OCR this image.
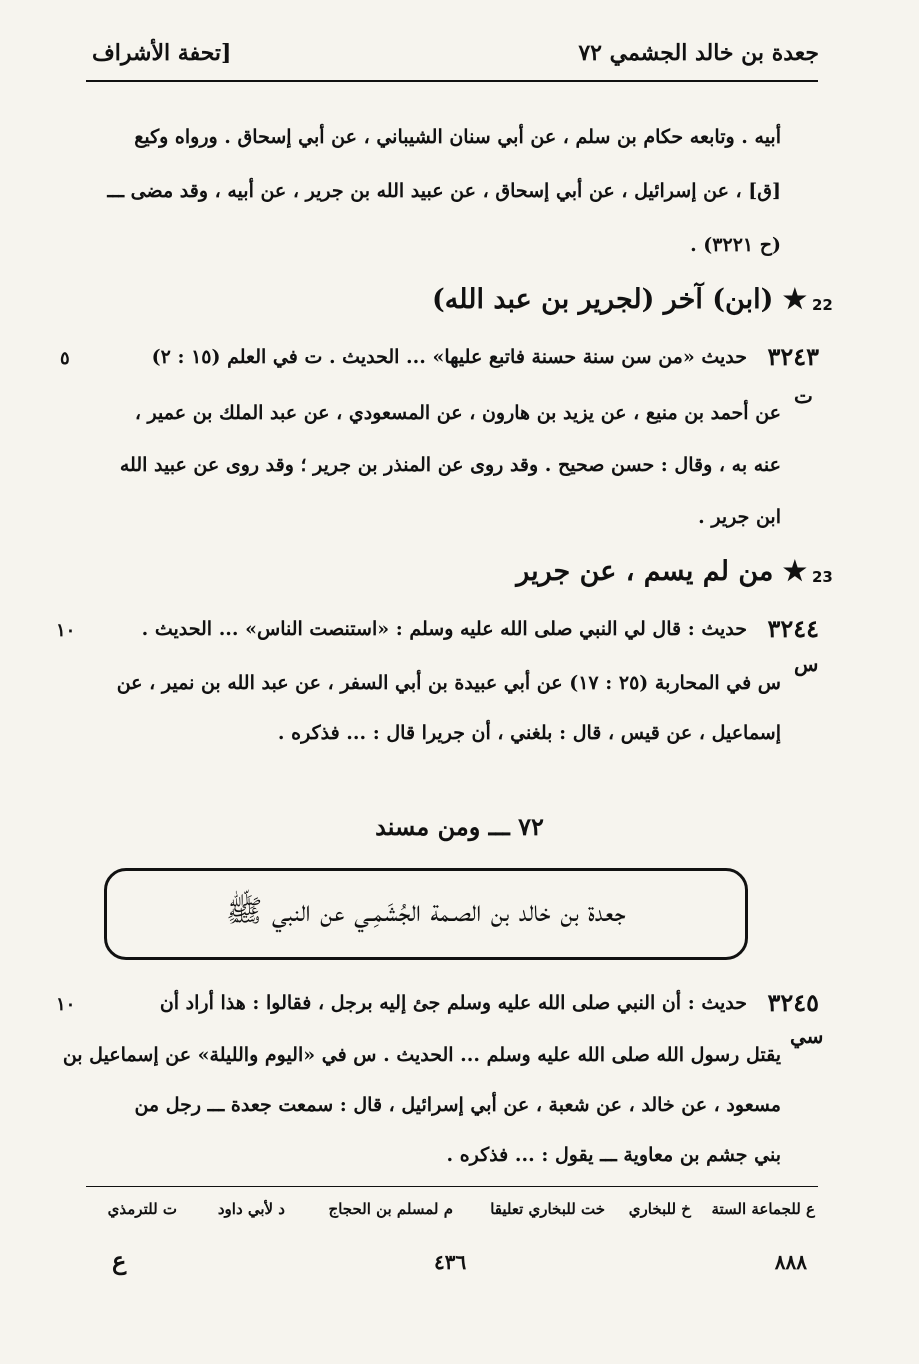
جعدة بن خالد الجشمي ٧٢
[تحفة الأشراف
أبيه . وتابعه حكام بن سلم ، عن أبي سنان الشيباني ، عن أبي إسحاق . ورواه وكيع
[ق] ، عن إسرائيل ، عن أبي إسحاق ، عن عبيد الله بن جرير ، عن أبيه ، وقد مضى ـــ
(ح ٣٢٢١) .
22
★ (ابن) آخر (لجرير بن عبد الله)
٣٢٤٣
حديث «من سن سنة حسنة فاتبع عليها» ... الحديث . ت في العلم (١٥ : ٢)
٥
ت
عن أحمد بن منيع ، عن يزيد بن هارون ، عن المسعودي ، عن عبد الملك بن عمير ،
عنه به ، وقال : حسن صحيح . وقد روى عن المنذر بن جرير ؛ وقد روى عن عبيد الله
ابن جرير .
23
★ من لم يسم ، عن جرير
٣٢٤٤
حديث : قال لي النبي صلى الله عليه وسلم : «استنصت الناس» ... الحديث .
١٠
س
س في المحاربة (٢٥ : ١٧) عن أبي عبيدة بن أبي السفر ، عن عبد الله بن نمير ، عن
إسماعيل ، عن قيس ، قال : بلغني ، أن جريرا قال : ... فذكره .
٧٢ ـــ ومن مسند
جعدة بن خالد بن الصـمة الجُشَمِـي عن النبي ﷺ
٣٢٤٥
حديث : أن النبي صلى الله عليه وسلم جئ إليه برجل ، فقالوا : هذا أراد أن
١٠
سي
يقتل رسول الله صلى الله عليه وسلم ... الحديث . س في «اليوم والليلة» عن إسماعيل بن
مسعود ، عن خالد ، عن شعبة ، عن أبي إسرائيل ، قال : سمعت جعدة ـــ رجل من
بني جشم بن معاوية ـــ يقول : ... فذكره .
ع للجماعة الستة
خ للبخاري
خت للبخاري تعليقا
م لمسلم بن الحجاج
د لأبي داود
ت للترمذي
٨٨٨
٤٣٦
ع
